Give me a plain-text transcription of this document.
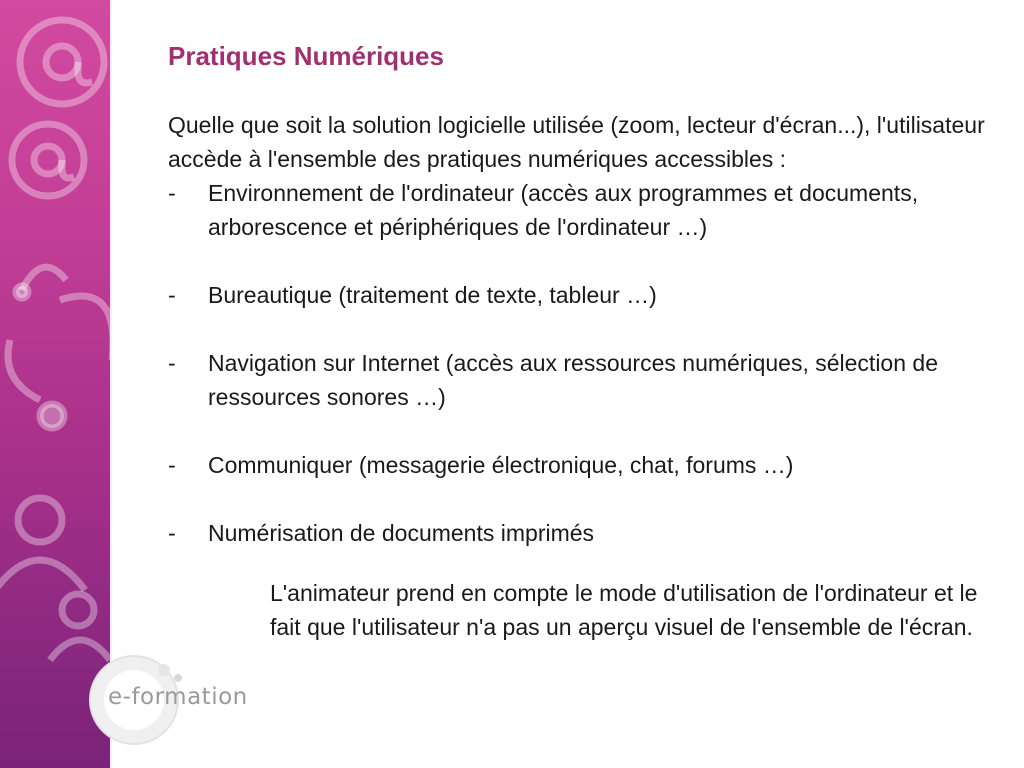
e-formation
Pratiques Numériques

Quelle que soit la solution logicielle utilisée (zoom, lecteur d'écran...), l'utilisateur accède à l'ensemble des pratiques numériques accessibles :

-	Environnement de l'ordinateur (accès aux programmes et documents, arborescence et périphériques de l'ordinateur …)
-	Bureautique (traitement de texte, tableur …)
-	Navigation sur Internet (accès aux ressources numériques, sélection de ressources sonores …)
-	Communiquer (messagerie électronique, chat, forums …)
-	Numérisation de documents imprimés

L'animateur prend en compte le mode d'utilisation de l'ordinateur et le fait que l'utilisateur n'a pas un aperçu visuel de l'ensemble de l'écran.
